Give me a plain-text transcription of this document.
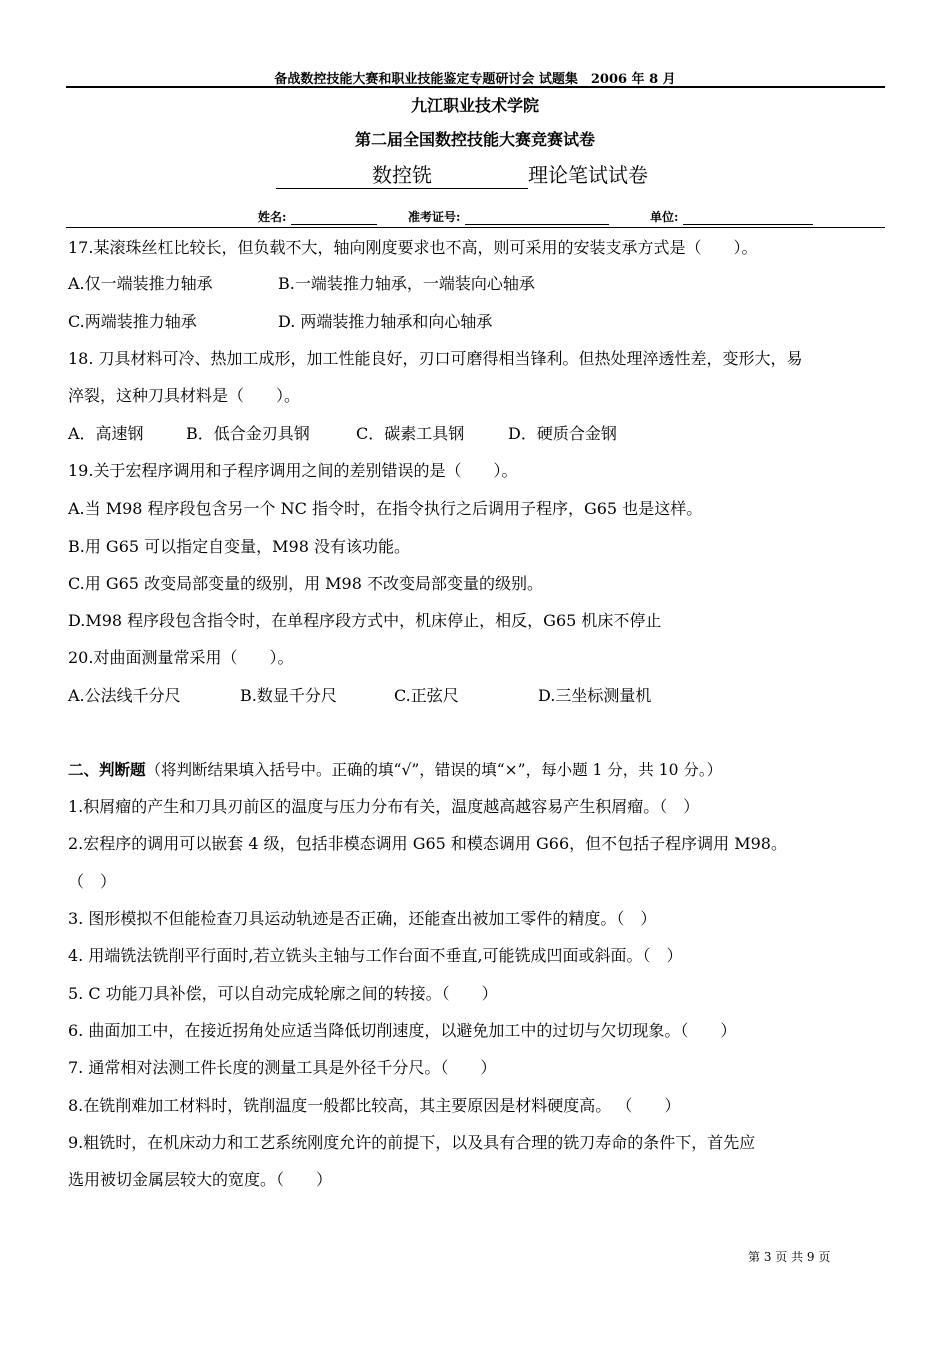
备战数控技能大赛和职业技能鉴定专题研讨会 试题集　2006 年 8 月
九江职业技术学院
第二届全国数控技能大赛竞赛试卷
数控铣	理论笔试试卷
姓名:	准考证号:	单位:
17.某滚珠丝杠比较长，但负载不大，轴向刚度要求也不高，则可采用的安装支承方式是（　　）。
A.仅一端装推力轴承	B.一端装推力轴承，一端装向心轴承
C.两端装推力轴承	D. 两端装推力轴承和向心轴承
18. 刀具材料可冷、热加工成形，加工性能良好，刃口可磨得相当锋利。但热处理淬透性差，变形大，易
淬裂，这种刀具材料是（　　）。
A．高速钢	B．低合金刃具钢	C．碳素工具钢	D．硬质合金钢
19.关于宏程序调用和子程序调用之间的差别错误的是（　　）。
A.当 M98 程序段包含另一个 NC 指令时，在指令执行之后调用子程序，G65 也是这样。
B.用 G65 可以指定自变量，M98 没有该功能。
C.用 G65 改变局部变量的级别，用 M98 不改变局部变量的级别。
D.M98 程序段包含指令时，在单程序段方式中，机床停止，相反，G65 机床不停止
20.对曲面测量常采用（　　）。
A.公法线千分尺	B.数显千分尺	C.正弦尺	D.三坐标测量机
二、判断题（将判断结果填入括号中。正确的填“√”，错误的填“×”，每小题 1 分，共 10 分。）
1.积屑瘤的产生和刀具刃前区的温度与压力分布有关，温度越高越容易产生积屑瘤。（　）
2.宏程序的调用可以嵌套 4 级，包括非模态调用 G65 和模态调用 G66，但不包括子程序调用 M98。
（　）
3. 图形模拟不但能检查刀具运动轨迹是否正确，还能查出被加工零件的精度。（　）
4. 用端铣法铣削平行面时,若立铣头主轴与工作台面不垂直,可能铣成凹面或斜面。（　）
5. C 功能刀具补偿，可以自动完成轮廓之间的转接。（　　）
6. 曲面加工中，在接近拐角处应适当降低切削速度，以避免加工中的过切与欠切现象。（　　）
7. 通常相对法测工件长度的测量工具是外径千分尺。（　　）
8.在铣削难加工材料时，铣削温度一般都比较高，其主要原因是材料硬度高。 （　　）
9.粗铣时，在机床动力和工艺系统刚度允许的前提下，以及具有合理的铣刀寿命的条件下，首先应
选用被切金属层较大的宽度。（　　）
第 3 页 共 9 页
